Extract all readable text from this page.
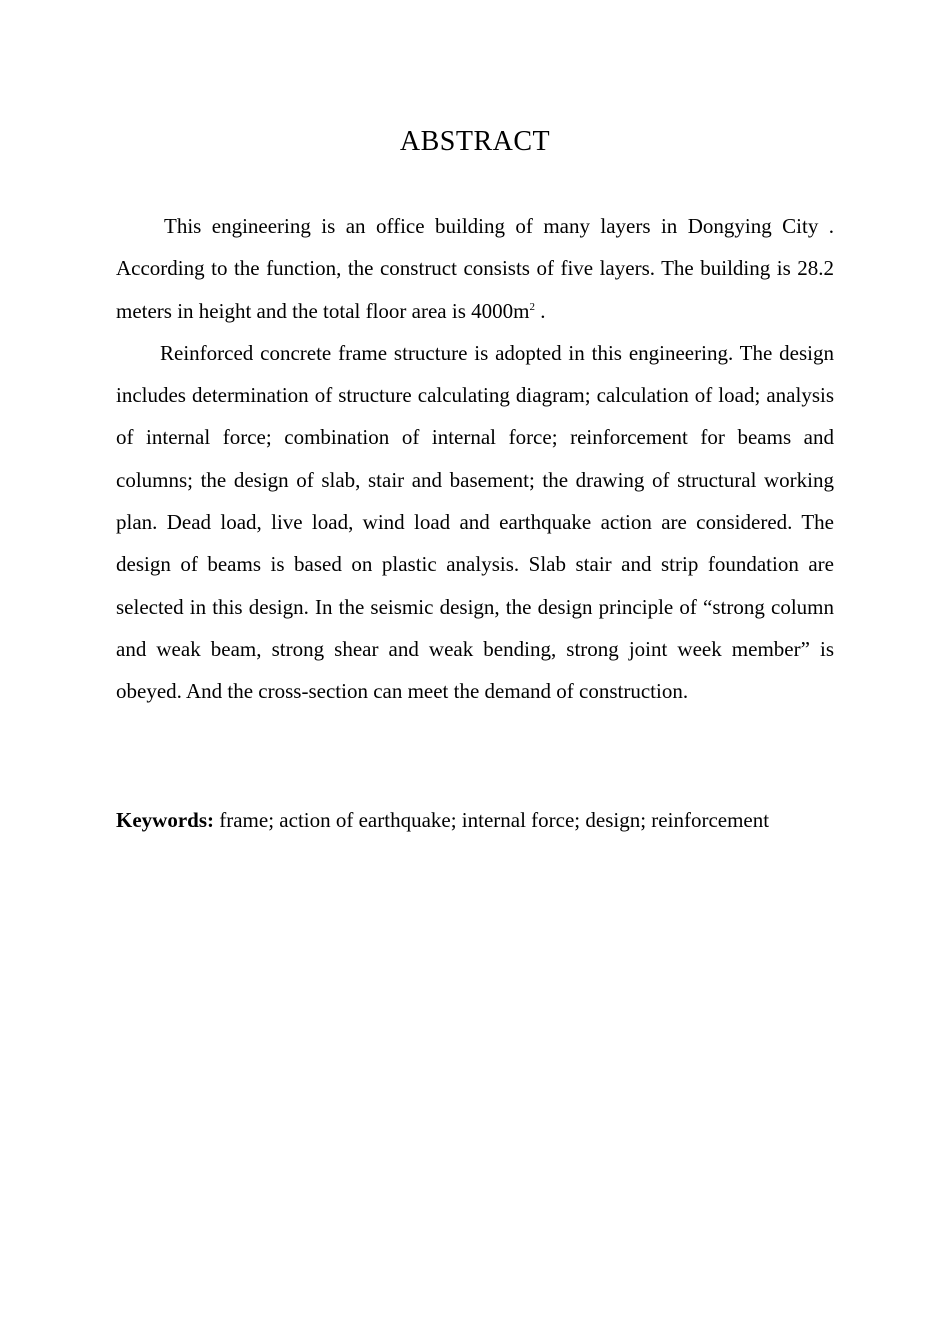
ABSTRACT

This engineering is an office building of many layers in Dongying City . According to the function, the construct consists of five layers. The building is 28.2 meters in height and the total floor area is $4000m^2$ .

Reinforced concrete frame structure is adopted in this engineering. The design includes determination of structure calculating diagram; calculation of load; analysis of internal force; combination of internal force; reinforcement for beams and columns; the design of slab, stair and basement; the drawing of structural working plan. Dead load, live load, wind load and earthquake action are considered. The design of beams is based on plastic analysis. Slab stair and strip foundation are selected in this design. In the seismic design, the design principle of “strong column and weak beam, strong shear and weak bending, strong joint week member” is obeyed. And the cross-section can meet the demand of construction.

Keywords: frame; action of earthquake; internal force; design; reinforcement
